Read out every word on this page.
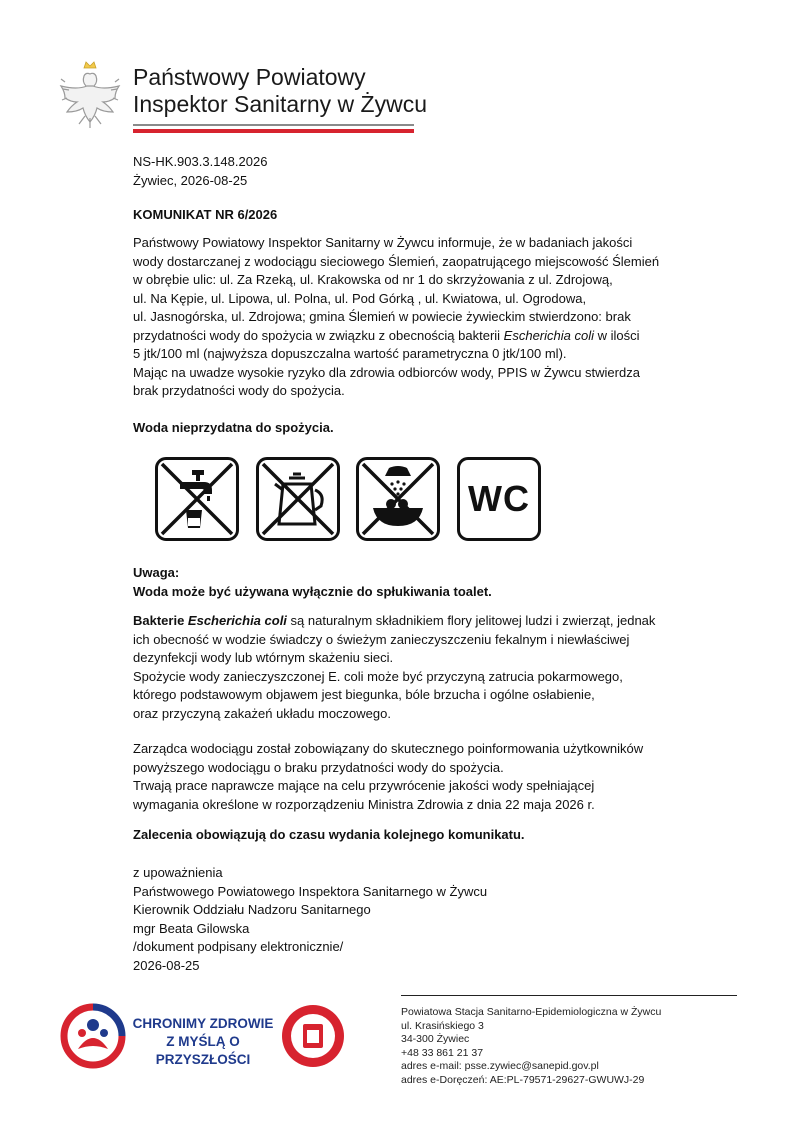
Państwowy Powiatowy
Inspektor Sanitarny w Żywcu

NS-HK.903.3.148.2026

Żywiec, 2026-08-25

KOMUNIKAT NR 6/2026

Państwowy Powiatowy Inspektor Sanitarny w Żywcu informuje, że w badaniach jakości

wody dostarczanej z wodociągu sieciowego Ślemień, zaopatrującego miejscowość Ślemień

w obrębie ulic: ul. Za Rzeką, ul. Krakowska od nr 1 do skrzyżowania z ul. Zdrojową,

ul. Na Kępie, ul. Lipowa, ul. Polna, ul. Pod Górką , ul. Kwiatowa, ul. Ogrodowa,

ul. Jasnogórska, ul. Zdrojowa; gmina Ślemień w powiecie żywieckim stwierdzono: brak

przydatności wody do spożycia w związku z obecnością bakterii Escherichia coli w ilości

5 jtk/100 ml (najwyższa dopuszczalna wartość parametryczna 0 jtk/100 ml).

Mając na uwadze wysokie ryzyko dla zdrowia odbiorców wody, PPIS w Żywcu stwierdza

brak przydatności wody do spożycia.

Woda nieprzydatna do spożycia.
WC

Uwaga:

Woda może być używana wyłącznie do spłukiwania toalet.

Bakterie Escherichia coli są naturalnym składnikiem flory jelitowej ludzi i zwierząt, jednak

ich obecność w wodzie świadczy o świeżym zanieczyszczeniu fekalnym i niewłaściwej

dezynfekcji wody lub wtórnym skażeniu sieci.

Spożycie wody zanieczyszczonej E. coli może być przyczyną zatrucia pokarmowego,

którego podstawowym objawem jest biegunka, bóle brzucha i ogólne osłabienie,

oraz przyczyną zakażeń układu moczowego.

Zarządca wodociągu został zobowiązany do skutecznego poinformowania użytkowników

powyższego wodociągu o braku przydatności wody do spożycia.

Trwają prace naprawcze mające na celu przywrócenie jakości wody spełniającej

wymagania określone w rozporządzeniu Ministra Zdrowia z dnia 22 maja 2026 r.

Zalecenia obowiązują do czasu wydania kolejnego komunikatu.

z upoważnienia

Państwowego Powiatowego Inspektora Sanitarnego w Żywcu

Kierownik Oddziału Nadzoru Sanitarnego

mgr Beata Gilowska

/dokument podpisany elektronicznie/

2026-08-25

CHRONIMY ZDROWIE
Z MYŚLĄ O PRZYSZŁOŚCI

Powiatowa Stacja Sanitarno-Epidemiologiczna w Żywcu

ul. Krasińskiego 3

34-300 Żywiec

+48 33 861 21 37

adres e-mail: psse.zywiec@sanepid.gov.pl

adres e-Doręczeń: AE:PL-79571-29627-GWUWJ-29
